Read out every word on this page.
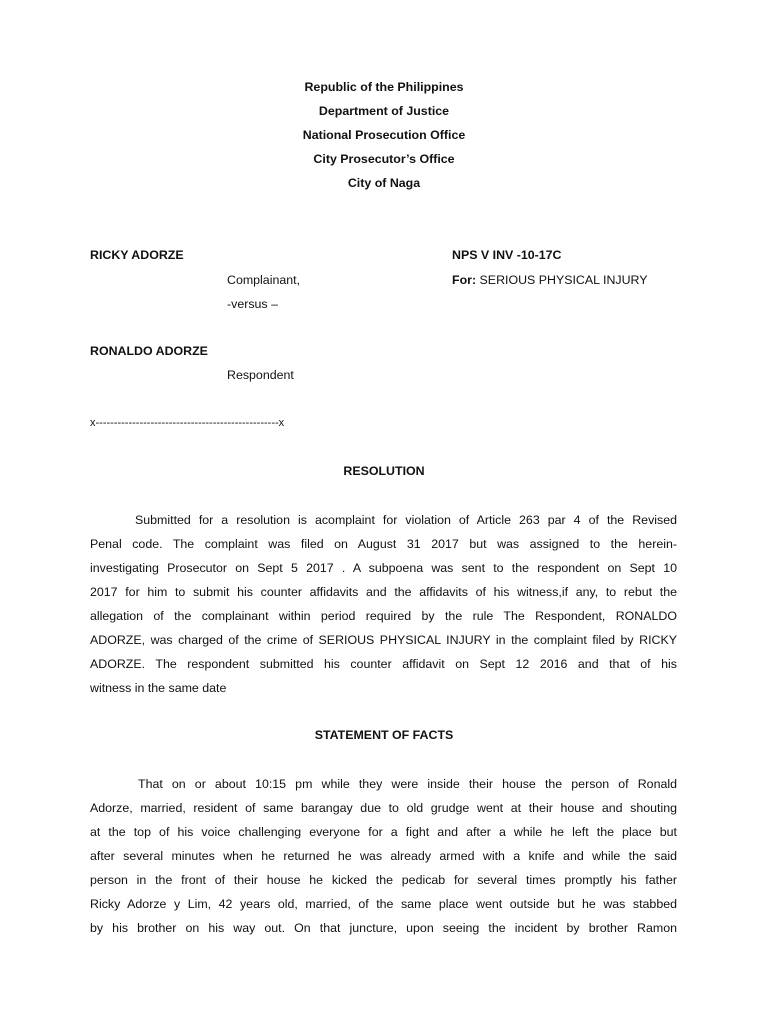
Republic of the Philippines
Department of Justice
National Prosecution Office
City Prosecutor’s Office
City of Naga
RICKY ADORZE	NPS V INV -10-17C
Complainant,	For: SERIOUS PHYSICAL INJURY
-versus –
RONALDO ADORZE
Respondent
x--------------------------------------------------x
RESOLUTION
Submitted for a resolution is acomplaint for violation of Article 263 par 4 of the Revised
Penal code. The complaint was filed on August 31 2017 but was assigned to the herein-
investigating Prosecutor on Sept 5 2017 . A subpoena was sent to the respondent on Sept 10
2017 for him to submit his counter affidavits and the affidavits of his witness,if any, to rebut the
allegation of the complainant within period required by the rule The Respondent, RONALDO
ADORZE, was charged of the crime of SERIOUS PHYSICAL INJURY in the complaint filed by RICKY
ADORZE. The respondent submitted his counter affidavit on Sept 12 2016 and that of his
witness in the same date
STATEMENT OF FACTS
That on or about 10:15 pm while they were inside their house the person of Ronald
Adorze, married, resident of same barangay due to old grudge went at their house and shouting
at the top of his voice challenging everyone for a fight and after a while he left the place but
after several minutes when he returned he was already armed with a knife and while the said
person in the front of their house he kicked the pedicab for several times promptly his father
Ricky Adorze y Lim, 42 years old, married, of the same place went outside but he was stabbed
by his brother on his way out. On that juncture, upon seeing the incident by brother Ramon
